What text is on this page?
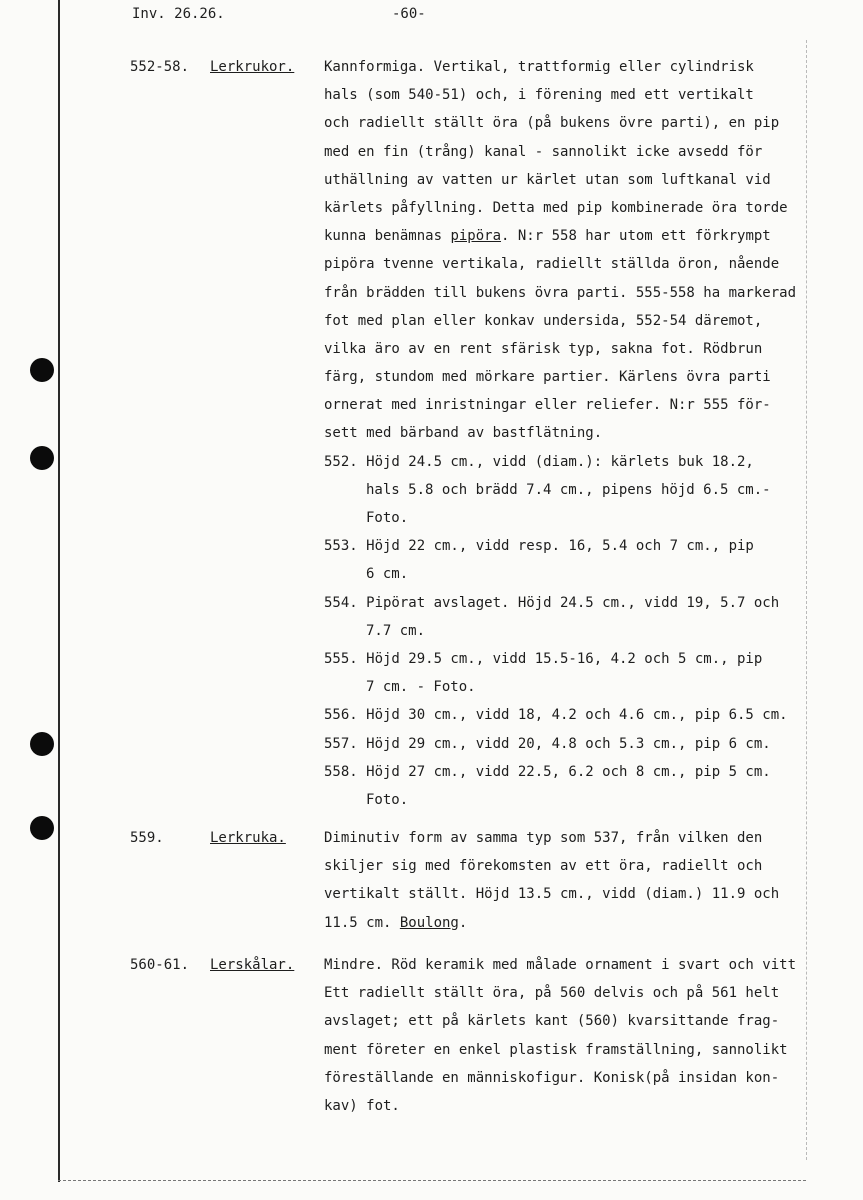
Inv. 26.26.	-60-
552-58. Lerkrukor. Kannformiga. Vertikal, trattformig eller cylindrisk
hals (som 540-51) och, i förening med ett vertikalt
och radiellt ställt öra (på bukens övre parti), en pip
med en fin (trång) kanal - sannolikt icke avsedd för
uthällning av vatten ur kärlet utan som luftkanal vid
kärlets påfyllning. Detta med pip kombinerade öra torde
kunna benämnas pipöra. N:r 558 har utom ett förkrympt
pipöra tvenne vertikala, radiellt ställda öron, nående
från brädden till bukens övra parti. 555-558 ha markerad
fot med plan eller konkav undersida, 552-54 däremot,
vilka äro av en rent sfärisk typ, sakna fot. Rödbrun
färg, stundom med mörkare partier. Kärlens övra parti
ornerat med inristningar eller reliefer. N:r 555 för-
sett med bärband av bastflätning.
552. Höjd 24.5 cm., vidd (diam.): kärlets buk 18.2,
hals 5.8 och brädd 7.4 cm., pipens höjd 6.5 cm.-
Foto.
553. Höjd 22 cm., vidd resp. 16, 5.4 och 7 cm., pip
6 cm.
554. Pipörat avslaget. Höjd 24.5 cm., vidd 19, 5.7 och
7.7 cm.
555. Höjd 29.5 cm., vidd 15.5-16, 4.2 och 5 cm., pip
7 cm. - Foto.
556. Höjd 30 cm., vidd 18, 4.2 och 4.6 cm., pip 6.5 cm.
557. Höjd 29 cm., vidd 20, 4.8 och 5.3 cm., pip 6 cm.
558. Höjd 27 cm., vidd 22.5, 6.2 och 8 cm., pip 5 cm.
Foto.
559.	Lerkruka.	Diminutiv form av samma typ som 537, från vilken den
skiljer sig med förekomsten av ett öra, radiellt och
vertikalt ställt. Höjd 13.5 cm., vidd (diam.) 11.9 och
11.5 cm. Boulong.
560-61. Lerskålar. Mindre. Röd keramik med målade ornament i svart och vitt
Ett radiellt ställt öra, på 560 delvis och på 561 helt
avslaget; ett på kärlets kant (560) kvarsittande frag-
ment företer en enkel plastisk framställning, sannolikt
föreställande en människofigur. Konisk(på insidan kon-
kav) fot.
